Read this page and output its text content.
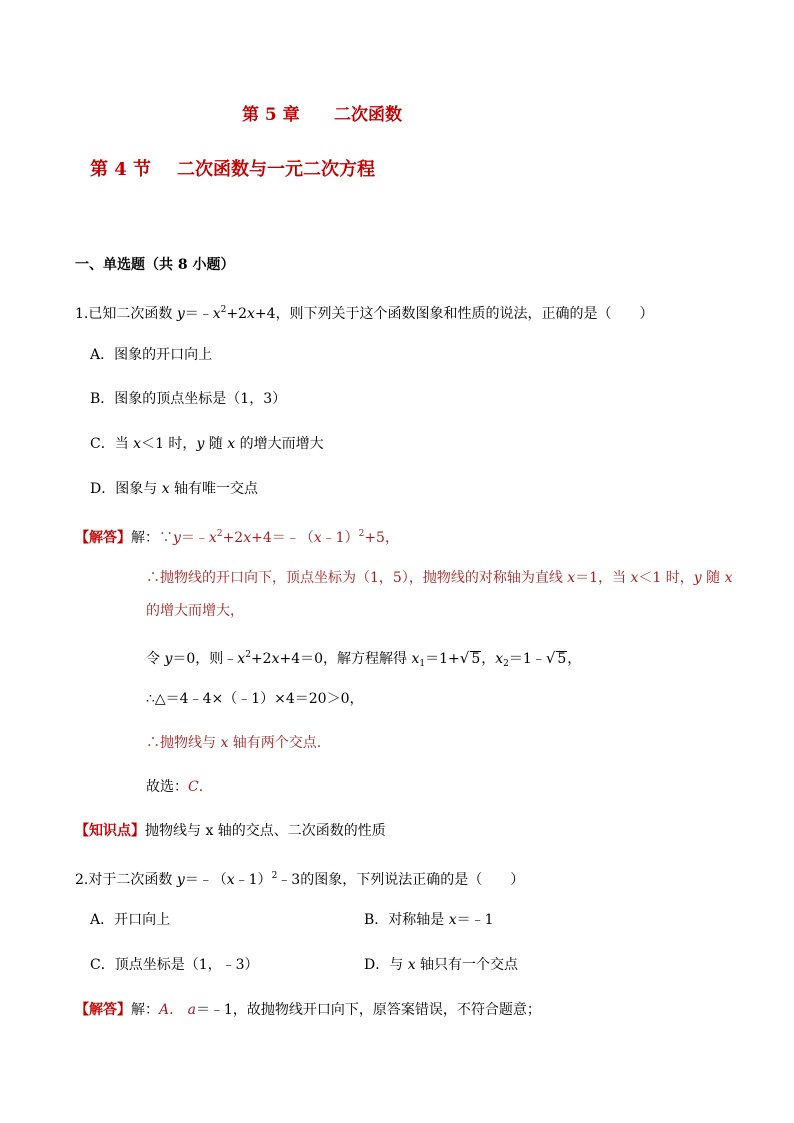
第 5 章 二次函数
第 4 节 二次函数与一元二次方程
一、单选题（共 8 小题）
1.已知二次函数 $y=﹣x^2+2x+4$，则下列关于这个函数图象和性质的说法，正确的是（　　）
A．图象的开口向上
B．图象的顶点坐标是（1，3）
C．当 x＜1 时，y 随 x 的增大而增大
D．图象与 x 轴有唯一交点
【解答】解：$\because y=﹣x^2+2x+4=﹣(x﹣1)^2+5$，
∴抛物线的开口向下，顶点坐标为（1，5），抛物线的对称轴为直线 x＝1，当 x＜1 时，y 随 x
的增大而增大，
令 y＝0，则$﹣x^2+2x+4=0$，解方程解得 $x_1=1+√$ 5，$x_2=1﹣√$ 5，
∴△＝4﹣4×（﹣1）×4＝20＞0，
∴抛物线与 x 轴有两个交点.
故选：C．
【知识点】抛物线与 x 轴的交点、二次函数的性质
2.对于二次函数 y＝﹣（x﹣1）$^2$﹣3的图象，下列说法正确的是（　　）
A．开口向上	B．对称轴是 x＝﹣1
C．顶点坐标是（1，﹣3）	D．与 x 轴只有一个交点
【解答】解：A． a＝﹣1，故抛物线开口向下，原答案错误，不符合题意；
